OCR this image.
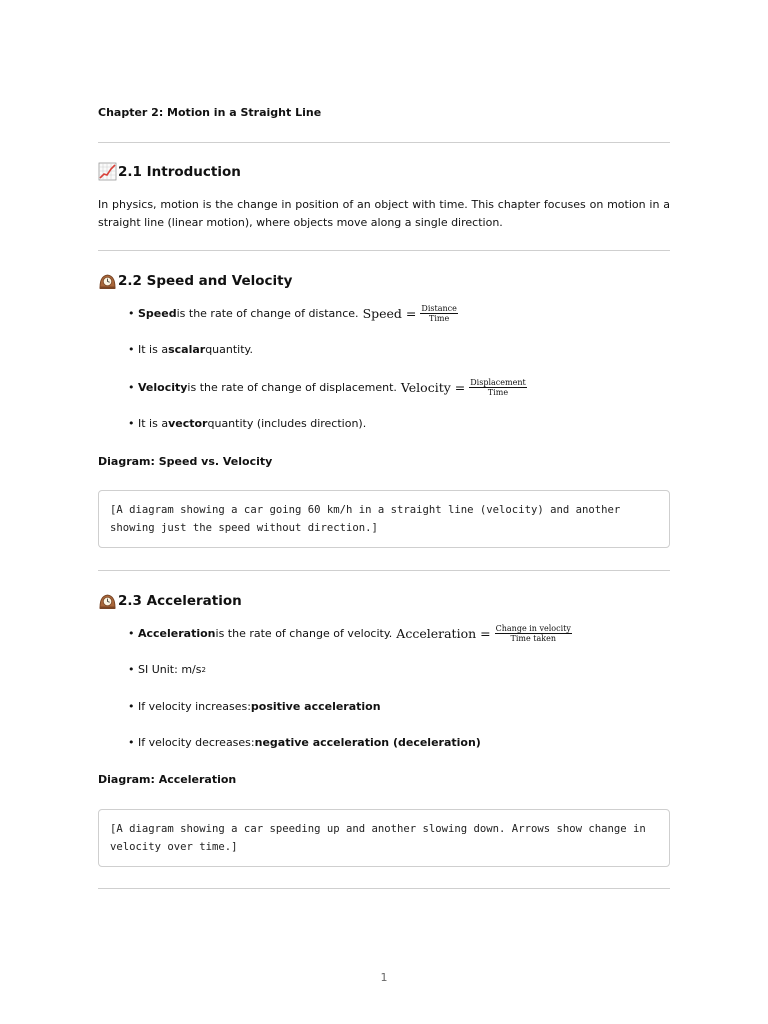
Chapter 2: Motion in a Straight Line
2.1 Introduction
In physics, motion is the change in position of an object with time. This chapter focuses on motion in a straight line (linear motion), where objects move along a single direction.
2.2 Speed and Velocity
•
Speed is the rate of change of distance. Speed
= $\frac{\text{Distance}}{\text{Time}}$
•
It is a scalar quantity.
•
Velocity is the rate of change of displacement. Velocity
= $\frac{\text{Displacement}}{\text{Time}}$
•
It is a vector quantity (includes direction).
Diagram: Speed vs. Velocity
[A diagram showing a car going 60 km/h in a straight line (velocity) and another showing just the speed without direction.]
2.3 Acceleration
•
Acceleration is the rate of change of velocity. Acceleration
= $\frac{\text{Change in velocity}}{\text{Time taken}}$
•
SI Unit: m/s 2
•
If velocity increases: positive acceleration
•
If velocity decreases: negative acceleration (deceleration)
Diagram: Acceleration
[A diagram showing a car speeding up and another slowing down. Arrows show change in velocity over time.]
1
